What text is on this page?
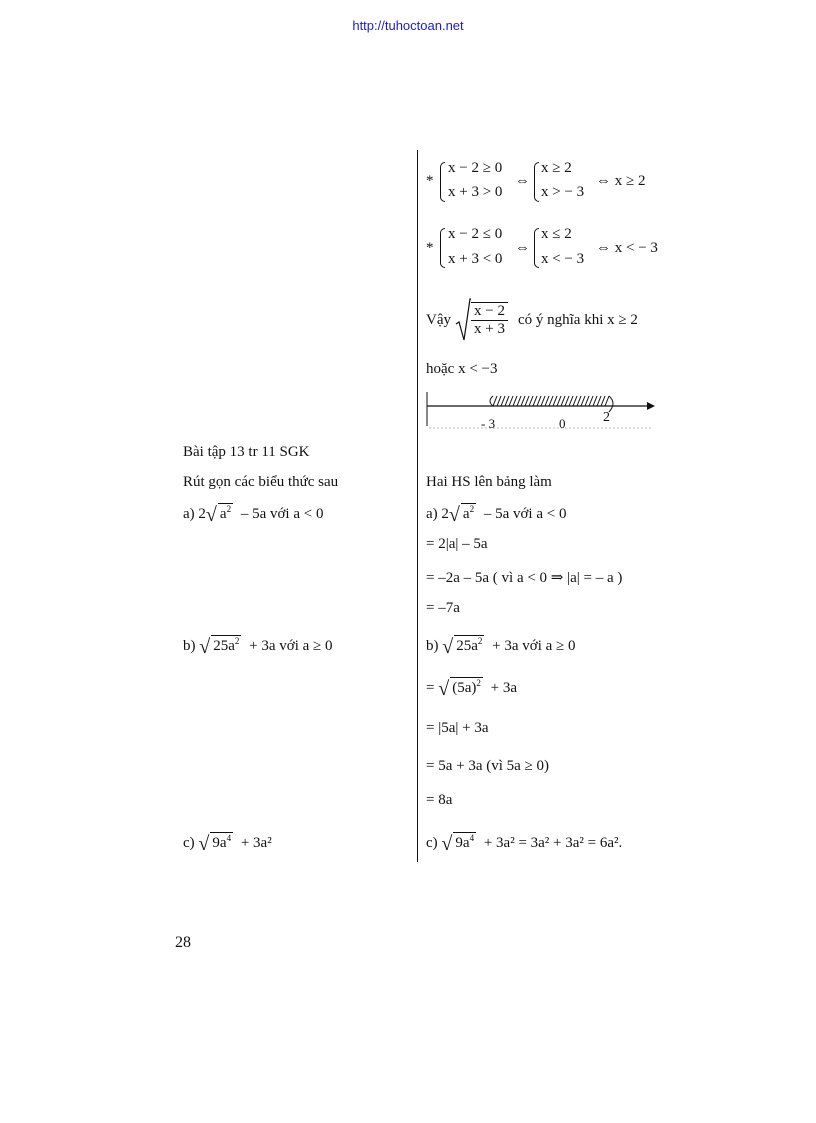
http://tuhoctoan.net
*
x − 2 ≥ 0
x + 3 > 0
⇔
x ≥ 2
x > − 3
⇔ x ≥ 2
*
x − 2 ≤ 0
x + 3 < 0
⇔
x ≤ 2
x < − 3
⇔ x < − 3
Vậy $\frac{x - 2}{x + 3}$ có ý nghĩa khi x ≥ 2
hoặc x < −3
- 3	0	2
Bài tập 13 tr 11 SGK
Rút gọn các biểu thức sau
a) 2 √ $a^2 - 5a$ với a < 0
b) √ $25a^2 + 3a$ với a ≥ 0
c) √ $9a^4 + 3a^2$
Hai HS lên bảng làm
a) 2 √ $a^2 - 5a$ với a < 0
= 2|a| – 5a
= –2a – 5a ( vì a < 0 ⇒ |a| = – a )
= –7a
b) √ $25a^2 + 3a$ với a ≥ 0
= √ $(5a)^2 + 3a$
= |5a| + 3a
= 5a + 3a (vì 5a ≥ 0)
= 8a
c) √ $9a^4 + 3a^2 = 3a^2 + 3a^2 = 6a^2$.
28
